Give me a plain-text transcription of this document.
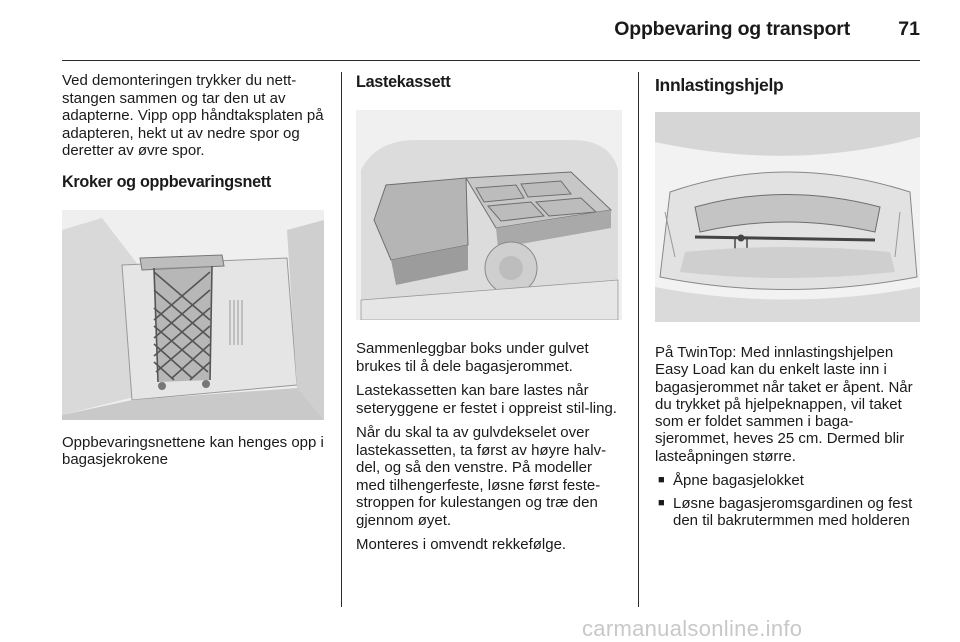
Oppbevaring og transport	71

Ved demonteringen trykker du nett-stangen sammen og tar den ut av adapterne. Vipp opp håndtaksplaten på adapteren, hekt ut av nedre spor og deretter av øvre spor.

Kroker og oppbevaringsnett

Oppbevaringsnettene kan henges opp i bagasjekrokene

Lastekassett

Sammenleggbar boks under gulvet brukes til å dele bagasjerommet.

Lastekassetten kan bare lastes når seteryggene er festet i oppreist stil-ling.

Når du skal ta av gulvdekselet over lastekassetten, ta først av høyre halv-del, og så den venstre. På modeller med tilhengerfeste, løsne først feste-stroppen for kulestangen og træ den gjennom øyet.

Monteres i omvendt rekkefølge.

Innlastingshjelp

På TwinTop: Med innlastingshjelpen Easy Load kan du enkelt laste inn i bagasjerommet når taket er åpent. Når du trykket på hjelpeknappen, vil taket som er foldet sammen i baga-sjerommet, heves 25 cm. Dermed blir lasteåpningen større.

■ Åpne bagasjelokket
■ Løsne bagasjeromsgardinen og fest den til bakrutermmen med holderen
carmanualsonline.info
